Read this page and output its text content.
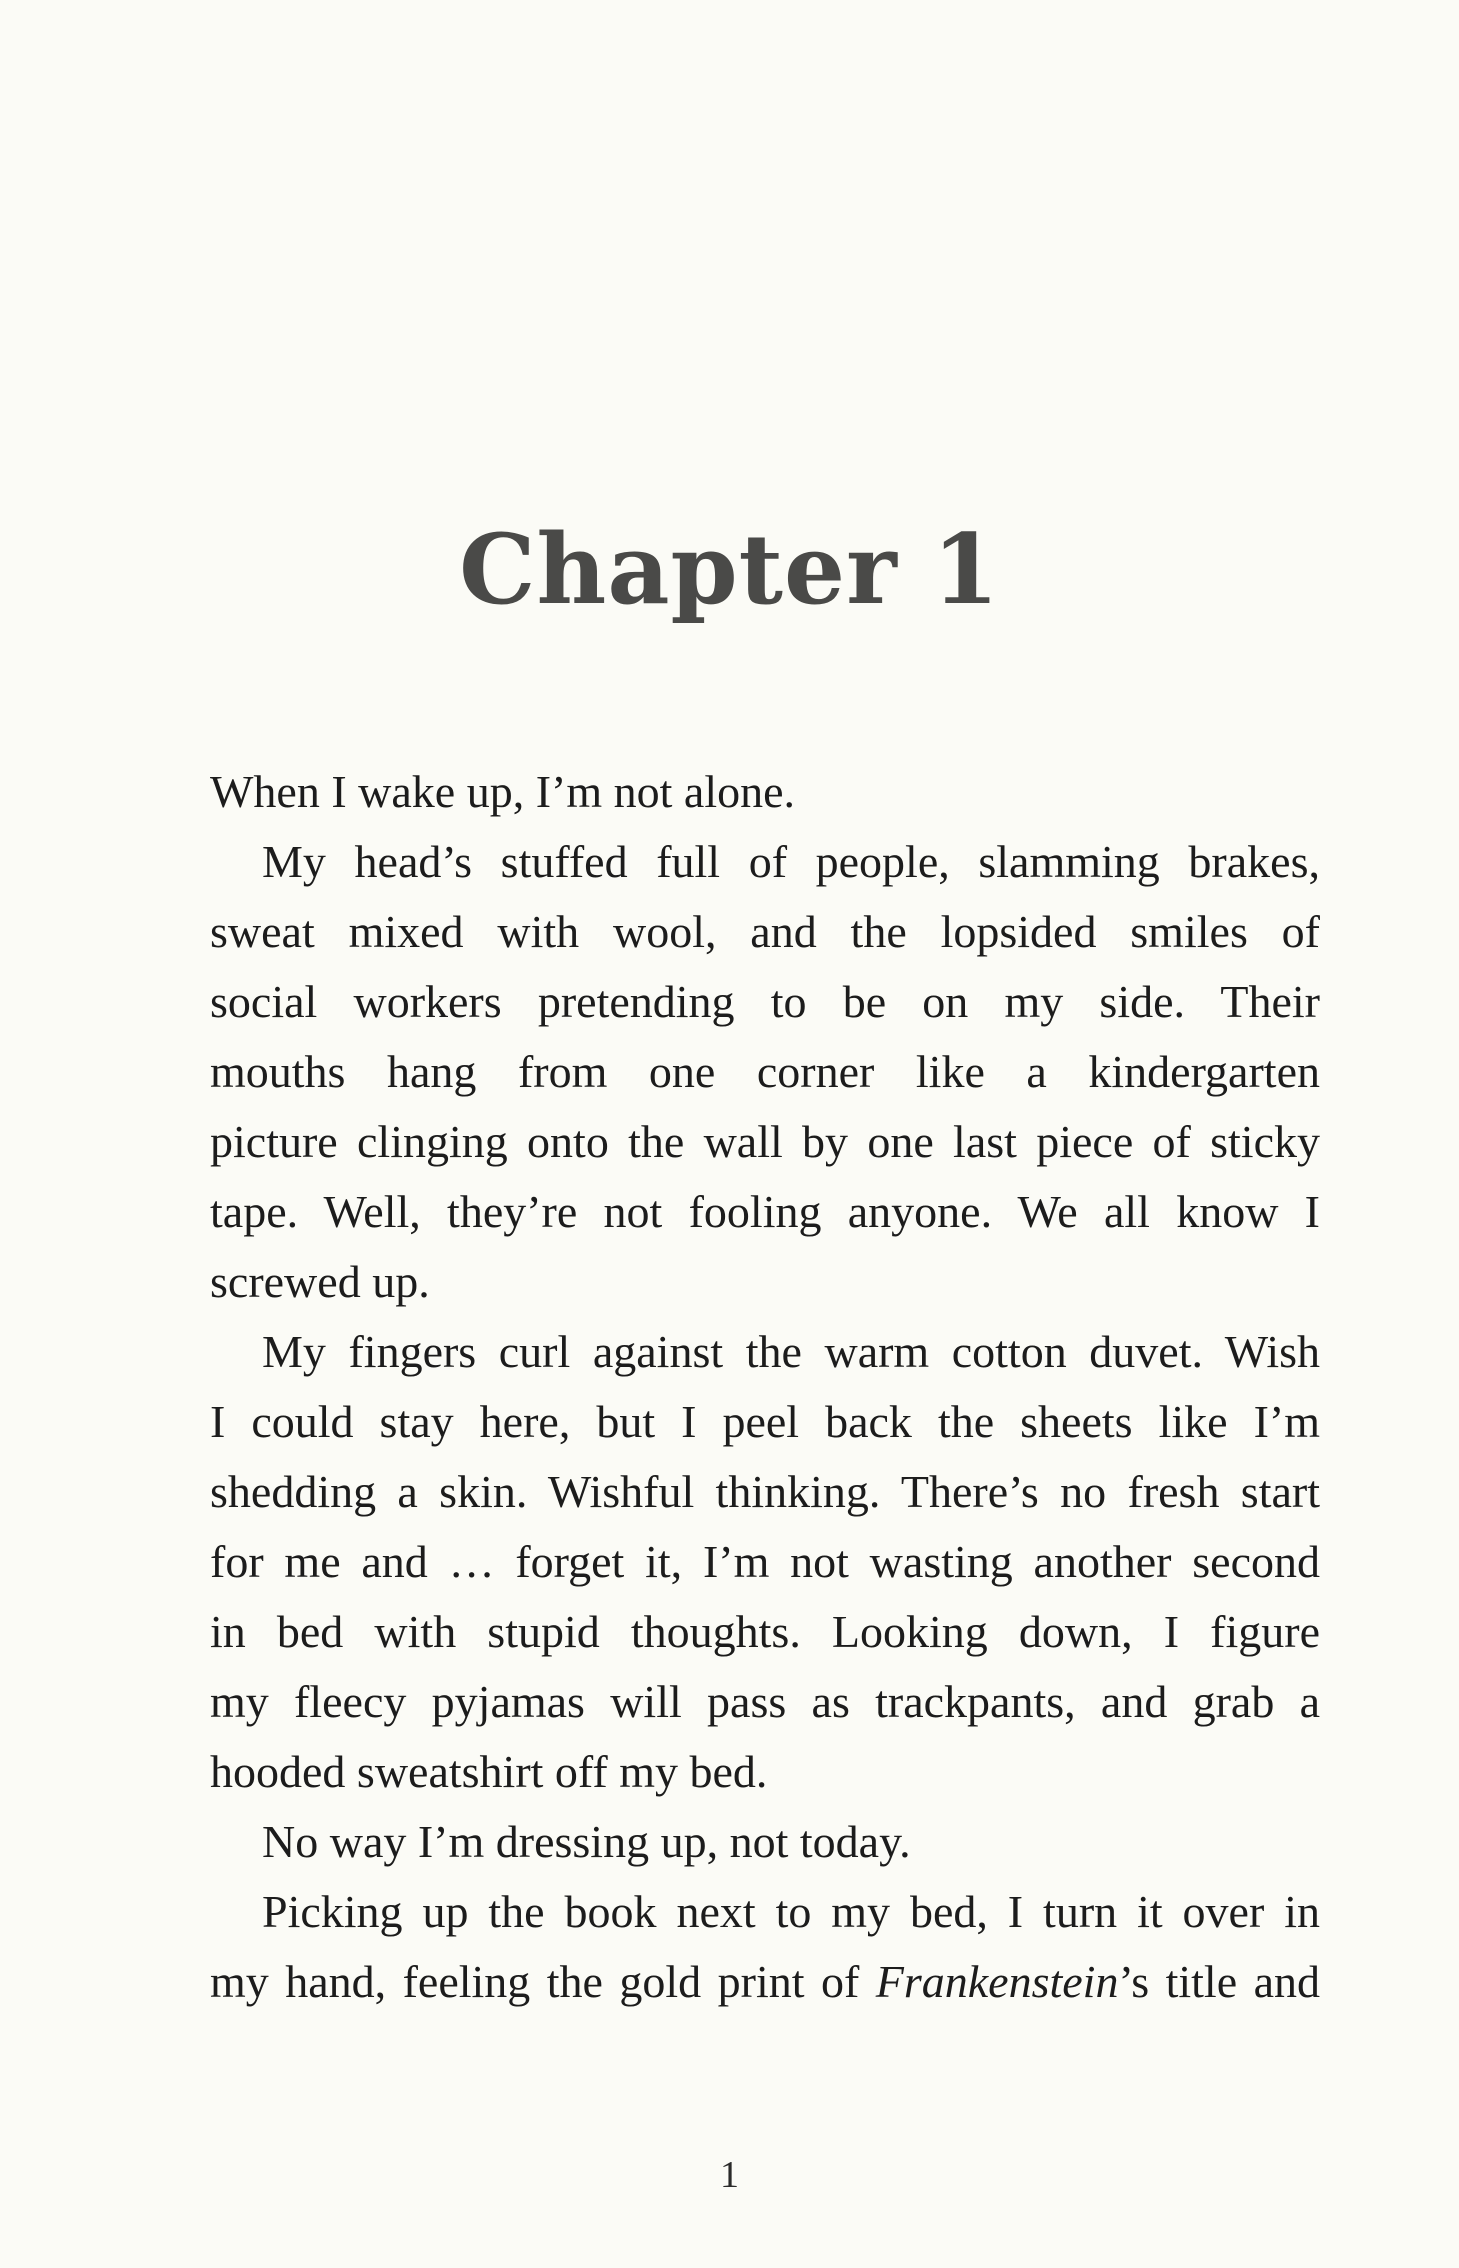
Chapter 1
When I wake up, I’m not alone.
My head’s stuffed full of people, slamming brakes,
sweat mixed with wool, and the lopsided smiles of
social workers pretending to be on my side. Their
mouths hang from one corner like a kindergarten
picture clinging onto the wall by one last piece of sticky
tape. Well, they’re not fooling anyone. We all know I
screwed up.
My fingers curl against the warm cotton duvet. Wish
I could stay here, but I peel back the sheets like I’m
shedding a skin. Wishful thinking. There’s no fresh start
for me and … forget it, I’m not wasting another second
in bed with stupid thoughts. Looking down, I figure
my fleecy pyjamas will pass as trackpants, and grab a
hooded sweatshirt off my bed.
No way I’m dressing up, not today.
Picking up the book next to my bed, I turn it over in
my hand, feeling the gold print of Frankenstein’s title and
1
